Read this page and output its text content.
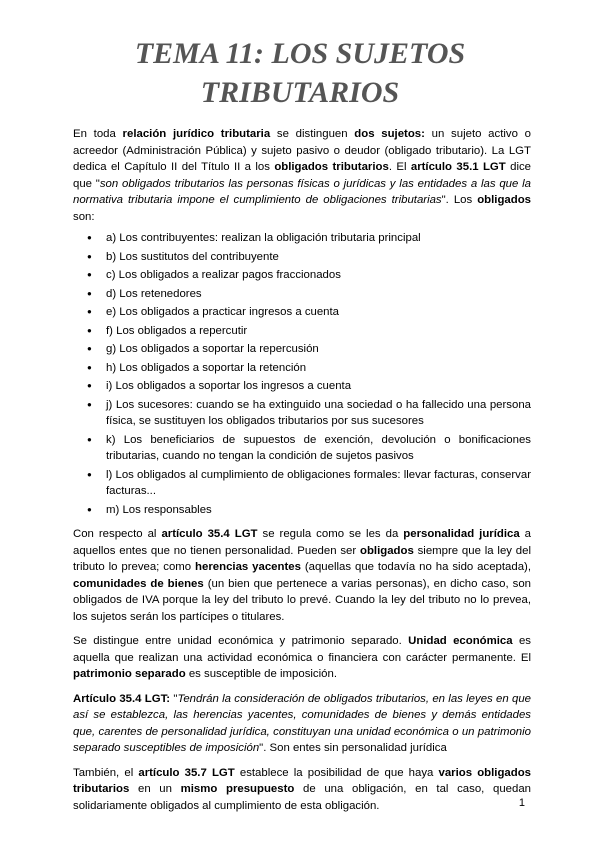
TEMA 11: LOS SUJETOS
TRIBUTARIOS

En toda relación jurídico tributaria se distinguen dos sujetos: un sujeto activo o acreedor (Administración Pública) y sujeto pasivo o deudor (obligado tributario). La LGT dedica el Capítulo II del Título II a los obligados tributarios. El artículo 35.1 LGT dice que "son obligados tributarios las personas físicas o jurídicas y las entidades a las que la normativa tributaria impone el cumplimiento de obligaciones tributarias". Los obligados son:

● a) Los contribuyentes: realizan la obligación tributaria principal
● b) Los sustitutos del contribuyente
● c) Los obligados a realizar pagos fraccionados
● d) Los retenedores
● e) Los obligados a practicar ingresos a cuenta
● f) Los obligados a repercutir
● g) Los obligados a soportar la repercusión
● h) Los obligados a soportar la retención
● i) Los obligados a soportar los ingresos a cuenta
● j) Los sucesores: cuando se ha extinguido una sociedad o ha fallecido una persona física, se sustituyen los obligados tributarios por sus sucesores
● k) Los beneficiarios de supuestos de exención, devolución o bonificaciones tributarias, cuando no tengan la condición de sujetos pasivos
● l) Los obligados al cumplimiento de obligaciones formales: llevar facturas, conservar facturas...
● m) Los responsables

Con respecto al artículo 35.4 LGT se regula como se les da personalidad jurídica a aquellos entes que no tienen personalidad. Pueden ser obligados siempre que la ley del tributo lo prevea; como herencias yacentes (aquellas que todavía no ha sido aceptada), comunidades de bienes (un bien que pertenece a varias personas), en dicho caso, son obligados de IVA porque la ley del tributo lo prevé. Cuando la ley del tributo no lo prevea, los sujetos serán los partícipes o titulares.

Se distingue entre unidad económica y patrimonio separado. Unidad económica es aquella que realizan una actividad económica o financiera con carácter permanente. El patrimonio separado es susceptible de imposición.

Artículo 35.4 LGT: "Tendrán la consideración de obligados tributarios, en las leyes en que así se establezca, las herencias yacentes, comunidades de bienes y demás entidades que, carentes de personalidad jurídica, constituyan una unidad económica o un patrimonio separado susceptibles de imposición". Son entes sin personalidad jurídica

También, el artículo 35.7 LGT establece la posibilidad de que haya varios obligados tributarios en un mismo presupuesto de una obligación, en tal caso, quedan solidariamente obligados al cumplimiento de esta obligación.	1
